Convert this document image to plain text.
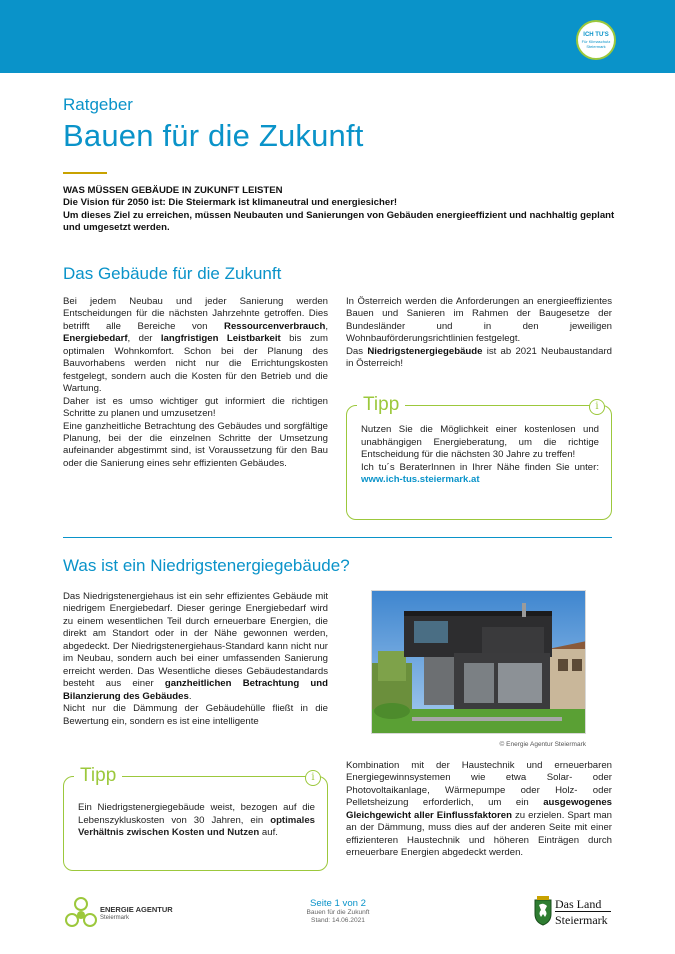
ICH TU'S
Für Klimaschutz Steiermark
Ratgeber
Bauen für die Zukunft
WAS MÜSSEN GEBÄUDE IN ZUKUNFT LEISTEN
Die Vision für 2050 ist: Die Steiermark ist klimaneutral und energiesicher!
Um dieses Ziel zu erreichen, müssen Neubauten und Sanierungen von Gebäuden energieeffizient und nachhaltig geplant und umgesetzt werden.
Das Gebäude für die Zukunft

Bei jedem Neubau und jeder Sanierung werden Entscheidungen für die nächsten Jahrzehnte getroffen. Dies betrifft alle Bereiche von Ressourcenverbrauch, Energiebedarf, der langfristigen Leistbarkeit bis zum optimalen Wohnkomfort. Schon bei der Planung des Bauvorhabens werden nicht nur die Errichtungskosten festgelegt, sondern auch die Kosten für den Betrieb und die Wartung.

Daher ist es umso wichtiger gut informiert die richtigen Schritte zu planen und umzusetzen!

Eine ganzheitliche Betrachtung des Gebäudes und sorgfältige Planung, bei der die einzelnen Schritte der Umsetzung aufeinander abgestimmt sind, ist Voraussetzung für den Bau oder die Sanierung eines sehr effizienten Gebäudes.

In Österreich werden die Anforderungen an energieeffizientes Bauen und Sanieren im Rahmen der Baugesetze der Bundesländer und in den jeweiligen Wohnbauförderungsrichtlinien festgelegt.

Das Niedrigstenergiegebäude ist ab 2021 Neubaustandard in Österreich!

Tipp	i

Nutzen Sie die Möglichkeit einer kostenlosen und unabhängigen Energieberatung, um die richtige Entscheidung für die nächsten 30 Jahre zu treffen!

Ich tu´s BeraterInnen in Ihrer Nähe finden Sie unter: www.ich-tus.steiermark.at

Was ist ein Niedrigstenergiegebäude?

Das Niedrigstenergiehaus ist ein sehr effizientes Gebäude mit niedrigem Energiebedarf. Dieser geringe Energiebedarf wird zu einem wesentlichen Teil durch erneuerbare Energien, die direkt am Standort oder in der Nähe gewonnen werden, abgedeckt. Der Niedrigstenergiehaus-Standard kann nicht nur im Neubau, sondern auch bei einer umfassenden Sanierung erreicht werden. Das Wesentliche dieses Gebäudestandards besteht aus einer ganzheitlichen Betrachtung und Bilanzierung des Gebäudes.

Nicht nur die Dämmung der Gebäudehülle fließt in die Bewertung ein, sondern es ist eine intelligente

© Energie Agentur Steiermark

Kombination mit der Haustechnik und erneuerbaren Energiegewinnsystemen wie etwa Solar- oder Photovoltaikanlage, Wärmepumpe oder Holz- oder Pelletsheizung erforderlich, um ein ausgewogenes Gleichgewicht aller Einflussfaktoren zu erzielen. Spart man an der Dämmung, muss dies auf der anderen Seite mit einer effizienteren Haustechnik und höheren Einträgen durch erneuerbare Energien abgedeckt werden.

Tipp	i

Ein Niedrigstenergiegebäude weist, bezogen auf die Lebenszykluskosten von 30 Jahren, ein optimales Verhältnis zwischen Kosten und Nutzen auf.

ENERGIE AGENTUR
Steiermark
Seite 1 von 2
Bauen für die Zukunft
Stand: 14.06.2021
Das Land
Steiermark
